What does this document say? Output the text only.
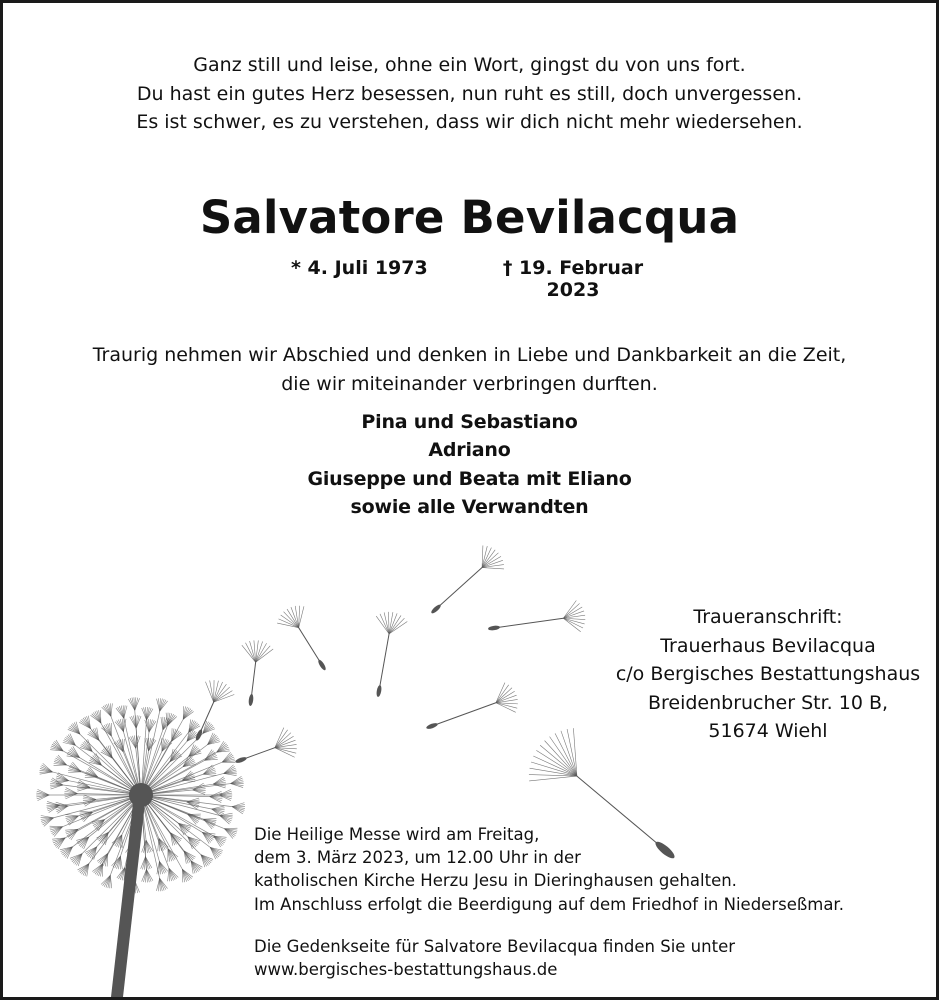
Ganz still und leise, ohne ein Wort, gingst du von uns fort.
Du hast ein gutes Herz besessen, nun ruht es still, doch unvergessen.
Es ist schwer, es zu verstehen, dass wir dich nicht mehr wiedersehen.
Salvatore Bevilacqua
* 4. Juli 1973	† 19. Februar 2023
Traurig nehmen wir Abschied und denken in Liebe und Dankbarkeit an die Zeit,
die wir miteinander verbringen durften.
Pina und Sebastiano
Adriano
Giuseppe und Beata mit Eliano
sowie alle Verwandten
Traueranschrift:
Trauerhaus Bevilacqua
c/o Bergisches Bestattungshaus
Breidenbrucher Str. 10 B,
51674 Wiehl
Die Heilige Messe wird am Freitag,
dem 3. März 2023, um 12.00 Uhr in der
katholischen Kirche Herzu Jesu in Dieringhausen gehalten.
Im Anschluss erfolgt die Beerdigung auf dem Friedhof in Niederseßmar.
Die Gedenkseite für Salvatore Bevilacqua finden Sie unter
www.bergisches-bestattungshaus.de
